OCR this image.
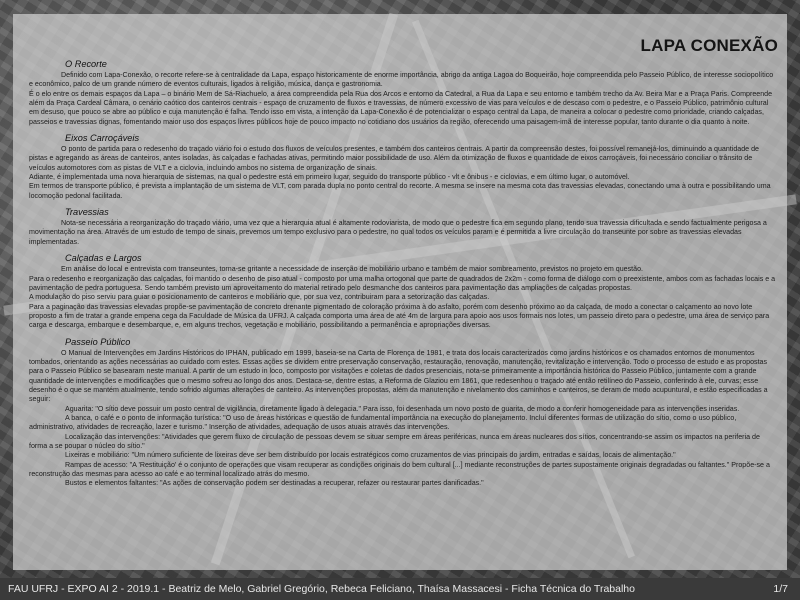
LAPA CONEXÃO
O Recorte

Definido com Lapa-Conexão, o recorte refere-se à centralidade da Lapa, espaço historicamente de enorme importância, abrigo da antiga Lagoa do Boqueirão, hoje compreendida pelo Passeio Público, de interesse sociopolítico e econômico, palco de um grande número de eventos culturais, ligados à religião, música, dança e gastronomia.

É o elo entre os demais espaços da Lapa – o binário Mem de Sá-Riachuelo, a área compreendida pela Rua dos Arcos e entorno da Catedral, a Rua da Lapa e seu entorno e também trecho da Av. Beira Mar e a Praça Paris. Compreende além da Praça Cardeal Câmara, o cenário caótico dos canteiros centrais - espaço de cruzamento de fluxos e travessias, de número excessivo de vias para veículos e de descaso com o pedestre, e o Passeio Público, patrimônio cultural em desuso, que pouco se abre ao público e cuja manutenção é falha. Tendo isso em vista, a intenção da Lapa-Conexão é de potencializar o espaço central da Lapa, de maneira a colocar o pedestre como prioridade, criando calçadas, passeios e travessias dignas, fomentando maior uso dos espaços livres públicos hoje de pouco impacto no cotidiano dos usuários da região, oferecendo uma paisagem-imã de interesse popular, tanto durante o dia quanto à noite.

Eixos Carroçáveis

O ponto de partida para o redesenho do traçado viário foi o estudo dos fluxos de veículos presentes, e também dos canteiros centrais. A partir da compreensão destes, foi possível remanejá-los, diminuindo a quantidade de pistas e agregando as áreas de canteiros, antes isoladas, às calçadas e fachadas ativas, permitindo maior possibilidade de uso. Além da otimização de fluxos e quantidade de eixos carroçáveis, foi necessário conciliar o trânsito de veículos automotores com as pistas de VLT e a ciclovia, incluindo ambos no sistema de organização de sinais.

Adiante, é implementada uma nova hierarquia de sistemas, na qual o pedestre está em primeiro lugar, seguido do transporte público - vlt e ônibus - e ciclovias, e em último lugar, o automóvel.

Em termos de transporte público, é prevista a implantação de um sistema de VLT, com parada dupla no ponto central do recorte. A mesma se insere na mesma cota das travessias elevadas, conectando uma à outra e possibilitando uma locomoção pedonal facilitada.

Travessias

Nota-se necessária a reorganização do traçado viário, uma vez que a hierarquia atual é altamente rodoviarista, de modo que o pedestre fica em segundo plano, tendo sua travessia dificultada e sendo factualmente perigosa a movimentação na área. Através de um estudo de tempo de sinais, prevemos um tempo exclusivo para o pedestre, no qual todos os veículos param e é permitida a livre circulação do transeunte por sobre as travessias elevadas implementadas.

Calçadas e Largos

Em análise do local e entrevista com transeuntes, torna-se gritante a necessidade de inserção de mobiliário urbano e também de maior sombreamento, previstos no projeto em questão.

Para o redesenho e reorganização das calçadas, foi mantido o desenho de piso atual - composto por uma malha ortogonal que parte de quadrados de 2x2m - como forma de diálogo com o preexistente, ambos com as fachadas locais e a pavimentação de pedra portuguesa. Sendo também previsto um aproveitamento do material retirado pelo desmanche dos canteiros para pavimentação das ampliações de calçadas propostas.

A modulação do piso serviu para guiar o posicionamento de canteiros e mobiliário que, por sua vez, contribuiram para a setorização das calçadas.

Para a paginação das travessias elevadas propõe-se pavimentação de concreto drenante pigmentado de coloração próxima à do asfalto, porém com desenho próximo ao da calçada, de modo a conectar o calçamento ao novo lote proposto a fim de tratar a grande empena cega da Faculdade de Música da UFRJ. A calçada comporta uma área de até 4m de largura para apoio aos usos formais nos lotes, um passeio direto para o pedestre, uma área de serviço para carga e descarga, embarque e desembarque, e, em alguns trechos, vegetação e mobiliário, possibilitando a permanência e apropriações diversas.

Passeio Público

O Manual de Intervenções em Jardins Históricos do IPHAN, publicado em 1999, baseia-se na Carta de Florença de 1981, e trata dos locais caracterizados como jardins históricos e os chamados entornos de monumentos tombados, orientando as ações necessárias ao cuidado com estes. Essas ações se dividem entre preservação conservação, restauração, renovação, manutenção, revitalização e intervenção. Todo o processo de estudo e as propostas para o Passeio Público se basearam neste manual. A partir de um estudo in loco, composto por visitações e coletas de dados presenciais, nota-se primeiramente a importância histórica do Passeio Público, juntamente com a grande quantidade de intervenções e modificações que o mesmo sofreu ao longo dos anos. Destaca-se, dentre estas, a Reforma de Glaziou em 1861, que redesenhou o traçado até então retilíneo do Passeio, conferindo à ele, curvas; esse desenho é o que se mantém atualmente, tendo sofrido algumas alterações de canteiro. As intervenções propostas, além da manutenção e nivelamento dos caminhos e canteiros, se deram de modo acupuntural, e estão especificadas a seguir:

Aguarita: "O sítio deve possuir um posto central de vigilância, diretamente ligado à delegacia." Para isso, foi desenhada um novo posto de guarita, de modo a conferir homogeneidade para as intervenções inseridas.

A banca, o café e o ponto de informação turística: "O uso de áreas históricas e questão de fundamental importância na execução do planejamento. Incluí diferentes formas de utilização do sítio, como o uso público, administrativo, atividades de recreação, lazer e turismo." Inserção de atividades, adequação de usos atuais através das intervenções.

Localização das intervenções: "Atividades que gerem fluxo de circulação de pessoas devem se situar sempre em áreas periféricas, nunca em áreas nucleares dos sítios, concentrando-se assim os impactos na periferia de forma a se poupar o núcleo do sítio."

Lixeiras e mobiliário: "Um número suficiente de lixeiras deve ser bem distribuído por locais estratégicos como cruzamentos de vias principais do jardim, entradas e saídas, locais de alimentação."

Rampas de acesso: "A 'Restituição' é o conjunto de operações que visam recuperar as condições originais do bem cultural [...] mediante reconstruções de partes supostamente originais degradadas ou faltantes." Propõe-se a reconstrução das mesmas para acesso ao café e ao terminal localizado atrás do mesmo.

Bustos e elementos faltantes: "As ações de conservação podem ser destinadas a recuperar, refazer ou restaurar partes danificadas."

FAU UFRJ - EXPO AI 2 - 2019.1 - Beatriz de Melo, Gabriel Gregório, Rebeca Feliciano, Thaísa Massacesi - Ficha Técnica do Trabalho	1/7
